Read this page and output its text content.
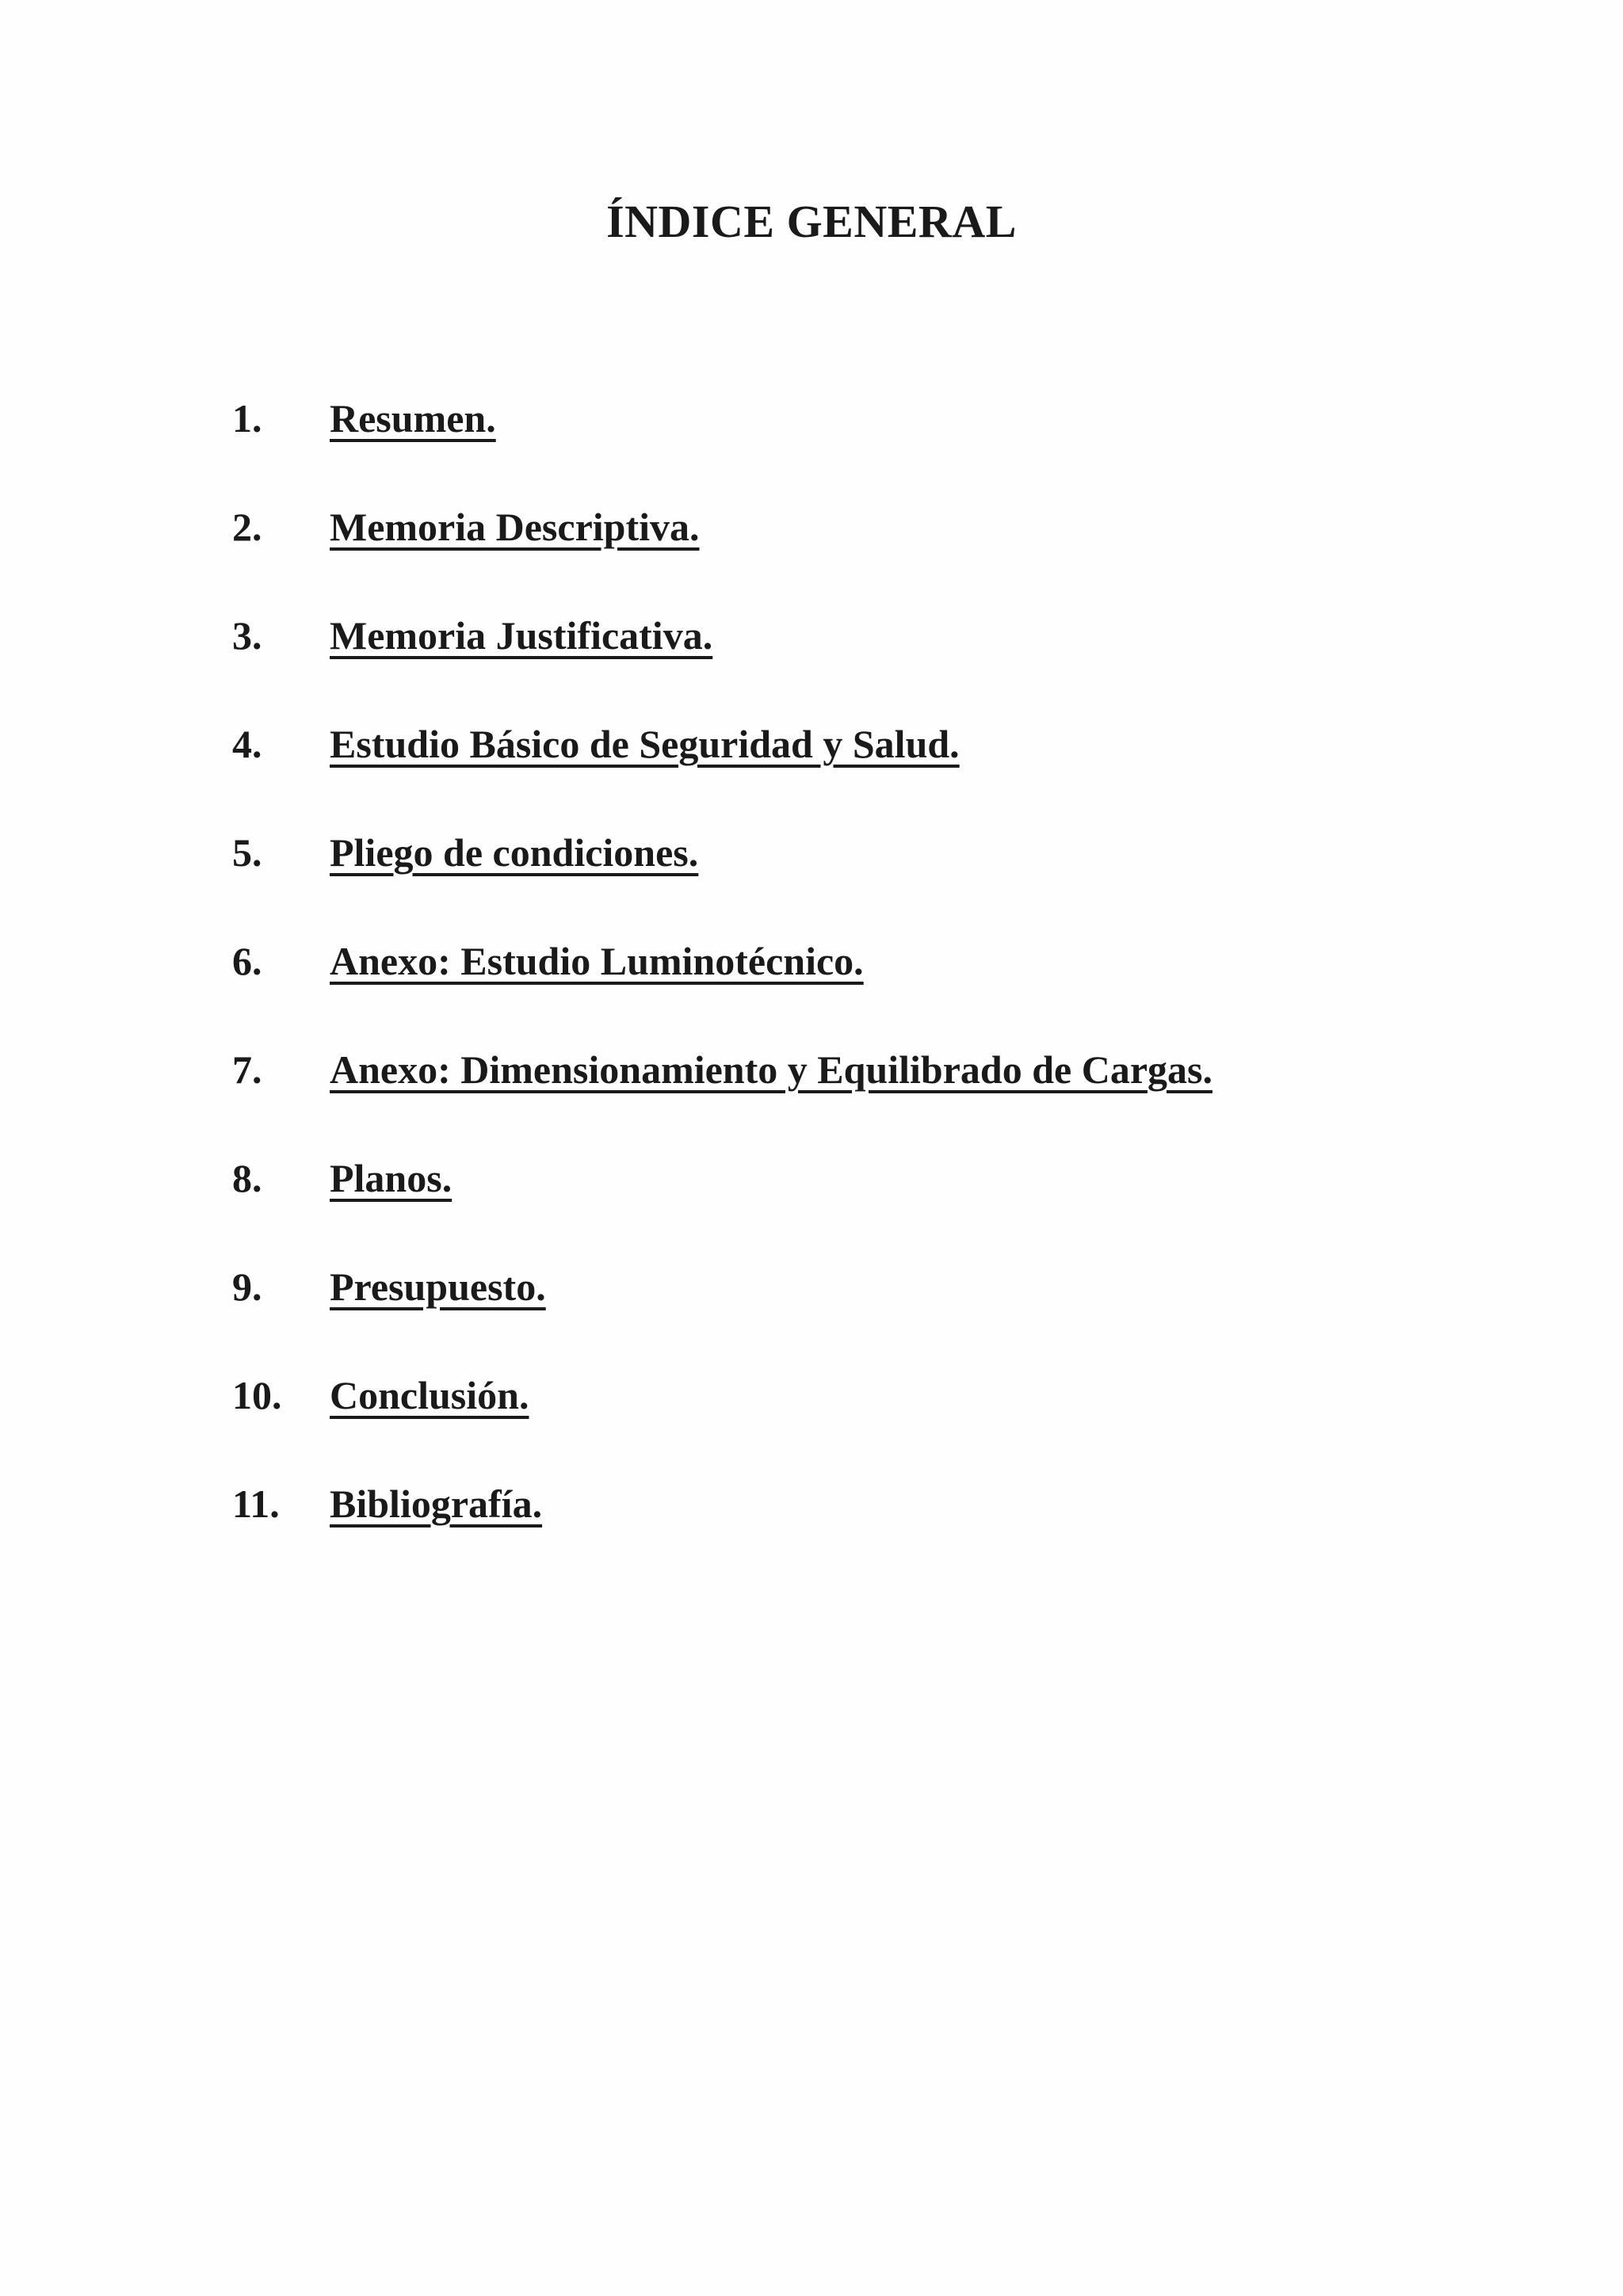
ÍNDICE GENERAL
1.	Resumen.
2.	Memoria Descriptiva.
3.	Memoria Justificativa.
4.	Estudio Básico de Seguridad y Salud.
5.	Pliego de condiciones.
6.	Anexo: Estudio Luminotécnico.
7.	Anexo: Dimensionamiento y Equilibrado de Cargas.
8.	Planos.
9.	Presupuesto.
10.	Conclusión.
11.	Bibliografía.
